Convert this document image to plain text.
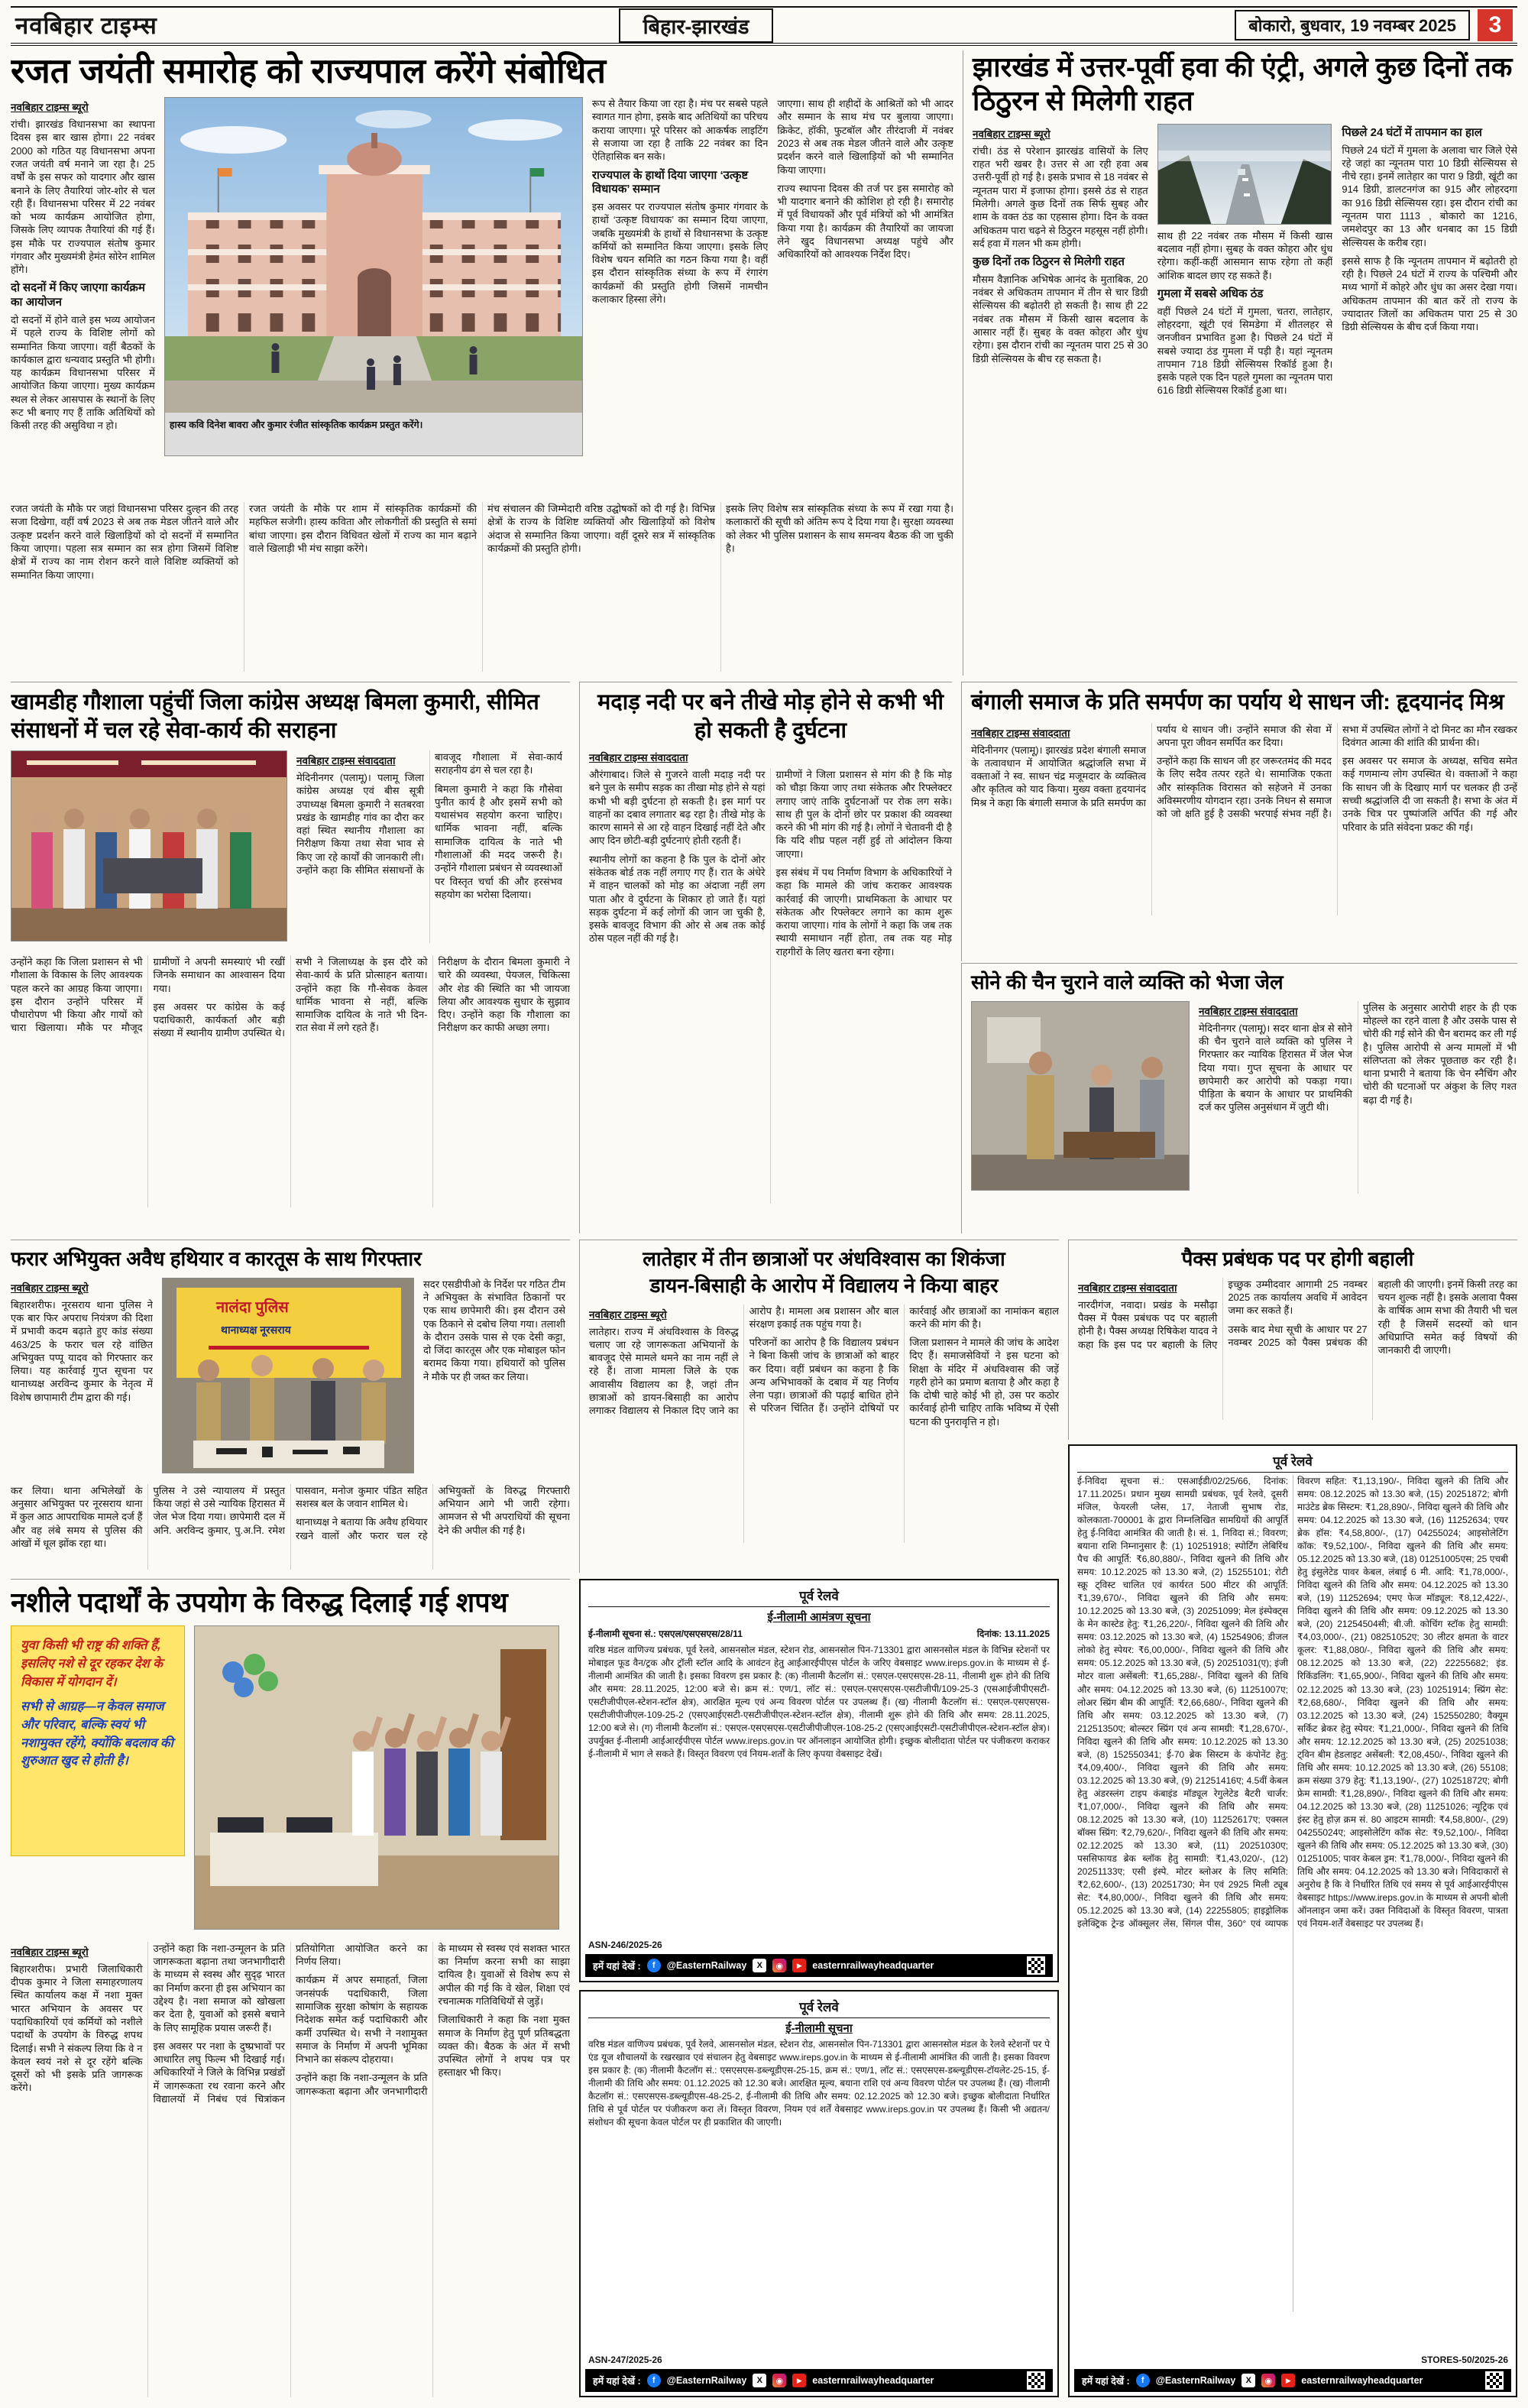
नवबिहार टाइम्स	बिहार-झारखंड	बोकारो, बुधवार, 19 नवम्बर 2025	3
रजत जयंती समारोह को राज्यपाल करेंगे संबोधित
नवबिहार टाइम्स ब्यूरो

रांची। झारखंड विधानसभा का स्थापना दिवस इस बार खास होगा। 22 नवंबर 2000 को गठित यह विधानसभा अपना रजत जयंती वर्ष मनाने जा रहा है। 25 वर्षों के इस सफर को यादगार और खास बनाने के लिए तैयारियां जोर-शोर से चल रही हैं। विधानसभा परिसर में 22 नवंबर को भव्य कार्यक्रम आयोजित होगा, जिसके लिए व्यापक तैयारियां की गई हैं। इस मौके पर राज्यपाल संतोष कुमार गंगवार और मुख्यमंत्री हेमंत सोरेन शामिल होंगे।

दो सदनों में किए जाएगा कार्यक्रम का आयोजन

दो सदनों में होने वाले इस भव्य आयोजन में पहले राज्य के विशिष्ट लोगों को सम्मानित किया जाएगा। वहीं बैठकों के कार्यकाल द्वारा धन्यवाद प्रस्तुति भी होगी। यह कार्यक्रम विधानसभा परिसर में आयोजित किया जाएगा। मुख्य कार्यक्रम स्थल से लेकर आसपास के स्थानों के लिए रूट भी बनाए गए हैं ताकि अतिथियों को किसी तरह की असुविधा न हो।	हास्य कवि दिनेश बावरा और कुमार रंजीत सांस्कृतिक कार्यक्रम प्रस्तुत करेंगे।

रूप से तैयार किया जा रहा है। मंच पर सबसे पहले स्वागत गान होगा, इसके बाद अतिथियों का परिचय कराया जाएगा। पूरे परिसर को आकर्षक लाइटिंग से सजाया जा रहा है ताकि 22 नवंबर का दिन ऐतिहासिक बन सके।

राज्यपाल के हाथों दिया जाएगा ‘उत्कृष्ट विधायक’ सम्मान

इस अवसर पर राज्यपाल संतोष कुमार गंगवार के हाथों ‘उत्कृष्ट विधायक’ का सम्मान दिया जाएगा, जबकि मुख्यमंत्री के हाथों से विधानसभा के उत्कृष्ट कर्मियों को सम्मानित किया जाएगा। इसके लिए विशेष चयन समिति का गठन किया गया है। वहीं इस दौरान सांस्कृतिक संध्या के रूप में रंगारंग कार्यक्रमों की प्रस्तुति होगी जिसमें नामचीन कलाकार हिस्सा लेंगे।

जाएगा। साथ ही शहीदों के आश्रितों को भी आदर और सम्मान के साथ मंच पर बुलाया जाएगा। क्रिकेट, हॉकी, फुटबॉल और तीरंदाजी में नवंबर 2023 से अब तक मेडल जीतने वाले और उत्कृष्ट प्रदर्शन करने वाले खिलाड़ियों को भी सम्मानित किया जाएगा।

राज्य स्थापना दिवस की तर्ज पर इस समारोह को भी यादगार बनाने की कोशिश हो रही है। समारोह में पूर्व विधायकों और पूर्व मंत्रियों को भी आमंत्रित किया गया है। कार्यक्रम की तैयारियों का जायजा लेने खुद विधानसभा अध्यक्ष पहुंचे और अधिकारियों को आवश्यक निर्देश दिए।

रजत जयंती के मौके पर जहां विधानसभा परिसर दुल्हन की तरह सजा दिखेगा, वहीं वर्ष 2023 से अब तक मेडल जीतने वाले और उत्कृष्ट प्रदर्शन करने वाले खिलाड़ियों को दो सदनों में सम्मानित किया जाएगा। पहला सत्र सम्मान का सत्र होगा जिसमें विशिष्ट क्षेत्रों में राज्य का नाम रोशन करने वाले विशिष्ट व्यक्तियों को सम्मानित किया जाएगा।

रजत जयंती के मौके पर शाम में सांस्कृतिक कार्यक्रमों की महफिल सजेगी। हास्य कविता और लोकगीतों की प्रस्तुति से समां बांधा जाएगा। इस दौरान विधिवत खेलों में राज्य का मान बढ़ाने वाले खिलाड़ी भी मंच साझा करेंगे।

मंच संचालन की जिम्मेदारी वरिष्ठ उद्घोषकों को दी गई है। विभिन्न क्षेत्रों के राज्य के विशिष्ट व्यक्तियों और खिलाड़ियों को विशेष अंदाज से सम्मानित किया जाएगा। वहीं दूसरे सत्र में सांस्कृतिक कार्यक्रमों की प्रस्तुति होगी।

इसके लिए विशेष सत्र सांस्कृतिक संध्या के रूप में रखा गया है। कलाकारों की सूची को अंतिम रूप दे दिया गया है। सुरक्षा व्यवस्था को लेकर भी पुलिस प्रशासन के साथ समन्वय बैठक की जा चुकी है।

झारखंड में उत्तर-पूर्वी हवा की एंट्री, अगले कुछ दिनों तक ठिठुरन से मिलेगी राहत
नवबिहार टाइम्स ब्यूरो

रांची। ठंड से परेशान झारखंड वासियों के लिए राहत भरी खबर है। उत्तर से आ रही हवा अब उत्तरी-पूर्वी हो गई है। इसके प्रभाव से 18 नवंबर से न्यूनतम पारा में इजाफा होगा। इससे ठंड से राहत मिलेगी। अगले कुछ दिनों तक सिर्फ सुबह और शाम के वक्त ठंड का एहसास होगा। दिन के वक्त अधिकतम पारा चढ़ने से ठिठुरन महसूस नहीं होगी। सर्द हवा में गलन भी कम होगी।

कुछ दिनों तक ठिठुरन से मिलेगी राहत

मौसम वैज्ञानिक अभिषेक आनंद के मुताबिक, 20 नवंबर से अधिकतम तापमान में तीन से चार डिग्री सेल्सियस की बढ़ोतरी हो सकती है। साथ ही 22 नवंबर तक मौसम में किसी खास बदलाव के आसार नहीं हैं। सुबह के वक्त कोहरा और धुंध रहेगा। इस दौरान रांची का न्यूनतम पारा 25 से 30 डिग्री सेल्सियस के बीच रह सकता है।

साथ ही 22 नवंबर तक मौसम में किसी खास बदलाव नहीं होगा। सुबह के वक्त कोहरा और धुंध रहेगा। कहीं-कहीं आसमान साफ रहेगा तो कहीं आंशिक बादल छाए रह सकते हैं।

गुमला में सबसे अधिक ठंड

वहीं पिछले 24 घंटों में गुमला, चतरा, लातेहार, लोहरदगा, खूंटी एवं सिमडेगा में शीतलहर से जनजीवन प्रभावित हुआ है। पिछले 24 घंटों में सबसे ज्यादा ठंड गुमला में पड़ी है। यहां न्यूनतम तापमान 718 डिग्री सेल्सियस रिकॉर्ड हुआ है। इसके पहले एक दिन पहले गुमला का न्यूनतम पारा 616 डिग्री सेल्सियस रिकॉर्ड हुआ था।

पिछले 24 घंटों में तापमान का हाल

पिछले 24 घंटों में गुमला के अलावा चार जिले ऐसे रहे जहां का न्यूनतम पारा 10 डिग्री सेल्सियस से नीचे रहा। इनमें लातेहार का पारा 9 डिग्री, खूंटी का 914 डिग्री, डालटनगंज का 915 और लोहरदगा का 916 डिग्री सेल्सियस रहा। इस दौरान रांची का न्यूनतम पारा 1113 , बोकारो का 1216, जमशेदपुर का 13 और धनबाद का 15 डिग्री सेल्सियस के करीब रहा।

इससे साफ है कि न्यूनतम तापमान में बढ़ोतरी हो रही है। पिछले 24 घंटों में राज्य के पश्चिमी और मध्य भागों में कोहरे और धुंध का असर देखा गया। अधिकतम तापमान की बात करें तो राज्य के ज्यादातर जिलों का अधिकतम पारा 25 से 30 डिग्री सेल्सियस के बीच दर्ज किया गया।

खामडीह गौशाला पहुंचीं जिला कांग्रेस अध्यक्ष बिमला कुमारी, सीमित संसाधनों में चल रहे सेवा-कार्य की सराहना
नवबिहार टाइम्स संवाददाता

मेदिनीनगर (पलामू)। पलामू जिला कांग्रेस अध्यक्ष एवं बीस सूत्री उपाध्यक्ष बिमला कुमारी ने सतबरवा प्रखंड के खामडीह गांव का दौरा कर वहां स्थित स्थानीय गौशाला का निरीक्षण किया तथा सेवा भाव से किए जा रहे कार्यों की जानकारी ली। उन्होंने कहा कि सीमित संसाधनों के बावजूद गौशाला में सेवा-कार्य सराहनीय ढंग से चल रहा है।

बिमला कुमारी ने कहा कि गौसेवा पुनीत कार्य है और इसमें सभी को यथासंभव सहयोग करना चाहिए। धार्मिक भावना नहीं, बल्कि सामाजिक दायित्व के नाते भी गौशालाओं की मदद जरूरी है। उन्होंने गौशाला प्रबंधन से व्यवस्थाओं पर विस्तृत चर्चा की और हरसंभव सहयोग का भरोसा दिलाया।

उन्होंने कहा कि जिला प्रशासन से भी गौशाला के विकास के लिए आवश्यक पहल करने का आग्रह किया जाएगा। इस दौरान उन्होंने परिसर में पौधारोपण भी किया और गायों को चारा खिलाया। मौके पर मौजूद ग्रामीणों ने अपनी समस्याएं भी रखीं जिनके समाधान का आश्वासन दिया गया।

इस अवसर पर कांग्रेस के कई पदाधिकारी, कार्यकर्ता और बड़ी संख्या में स्थानीय ग्रामीण उपस्थित थे। सभी ने जिलाध्यक्ष के इस दौरे को सेवा-कार्य के प्रति प्रोत्साहन बताया। उन्होंने कहा कि गौ-सेवक केवल धार्मिक भावना से नहीं, बल्कि सामाजिक दायित्व के नाते भी दिन-रात सेवा में लगे रहते हैं।

निरीक्षण के दौरान बिमला कुमारी ने चारे की व्यवस्था, पेयजल, चिकित्सा और शेड की स्थिति का भी जायजा लिया और आवश्यक सुधार के सुझाव दिए। उन्होंने कहा कि गौशाला का निरीक्षण कर काफी अच्छा लगा।

मदाड़ नदी पर बने तीखे मोड़ होने से कभी भी हो सकती है दुर्घटना
नवबिहार टाइम्स संवाददाता

औरंगाबाद। जिले से गुजरने वाली मदाड़ नदी पर बने पुल के समीप सड़क का तीखा मोड़ होने से यहां कभी भी बड़ी दुर्घटना हो सकती है। इस मार्ग पर वाहनों का दबाव लगातार बढ़ रहा है। तीखे मोड़ के कारण सामने से आ रहे वाहन दिखाई नहीं देते और आए दिन छोटी-बड़ी दुर्घटनाएं होती रहती हैं।

स्थानीय लोगों का कहना है कि पुल के दोनों ओर संकेतक बोर्ड तक नहीं लगाए गए हैं। रात के अंधेरे में वाहन चालकों को मोड़ का अंदाजा नहीं लग पाता और वे दुर्घटना के शिकार हो जाते हैं। यहां सड़क दुर्घटना में कई लोगों की जान जा चुकी है, इसके बावजूद विभाग की ओर से अब तक कोई ठोस पहल नहीं की गई है।

ग्रामीणों ने जिला प्रशासन से मांग की है कि मोड़ को चौड़ा किया जाए तथा संकेतक और रिफ्लेक्टर लगाए जाएं ताकि दुर्घटनाओं पर रोक लग सके। साथ ही पुल के दोनों छोर पर प्रकाश की व्यवस्था करने की भी मांग की गई है। लोगों ने चेतावनी दी है कि यदि शीघ्र पहल नहीं हुई तो आंदोलन किया जाएगा।

इस संबंध में पथ निर्माण विभाग के अधिकारियों ने कहा कि मामले की जांच कराकर आवश्यक कार्रवाई की जाएगी। प्राथमिकता के आधार पर संकेतक और रिफ्लेक्टर लगाने का काम शुरू कराया जाएगा। गांव के लोगों ने कहा कि जब तक स्थायी समाधान नहीं होता, तब तक यह मोड़ राहगीरों के लिए खतरा बना रहेगा।

बंगाली समाज के प्रति समर्पण का पर्याय थे साधन जी: हृदयानंद मिश्र
नवबिहार टाइम्स संवाददाता

मेदिनीनगर (पलामू)। झारखंड प्रदेश बंगाली समाज के तत्वावधान में आयोजित श्रद्धांजलि सभा में वक्ताओं ने स्व. साधन चंद्र मजूमदार के व्यक्तित्व और कृतित्व को याद किया। मुख्य वक्ता हृदयानंद मिश्र ने कहा कि बंगाली समाज के प्रति समर्पण का पर्याय थे साधन जी। उन्होंने समाज की सेवा में अपना पूरा जीवन समर्पित कर दिया।

उन्होंने कहा कि साधन जी हर जरूरतमंद की मदद के लिए सदैव तत्पर रहते थे। सामाजिक एकता और सांस्कृतिक विरासत को सहेजने में उनका अविस्मरणीय योगदान रहा। उनके निधन से समाज को जो क्षति हुई है उसकी भरपाई संभव नहीं है। सभा में उपस्थित लोगों ने दो मिनट का मौन रखकर दिवंगत आत्मा की शांति की प्रार्थना की।

इस अवसर पर समाज के अध्यक्ष, सचिव समेत कई गणमान्य लोग उपस्थित थे। वक्ताओं ने कहा कि साधन जी के दिखाए मार्ग पर चलकर ही उन्हें सच्ची श्रद्धांजलि दी जा सकती है। सभा के अंत में उनके चित्र पर पुष्पांजलि अर्पित की गई और परिवार के प्रति संवेदना प्रकट की गई।

सोने की चैन चुराने वाले व्यक्ति को भेजा जेल
नवबिहार टाइम्स संवाददाता

मेदिनीनगर (पलामू)। सदर थाना क्षेत्र से सोने की चैन चुराने वाले व्यक्ति को पुलिस ने गिरफ्तार कर न्यायिक हिरासत में जेल भेज दिया गया। गुप्त सूचना के आधार पर छापेमारी कर आरोपी को पकड़ा गया। पीड़िता के बयान के आधार पर प्राथमिकी दर्ज कर पुलिस अनुसंधान में जुटी थी।

पुलिस के अनुसार आरोपी शहर के ही एक मोहल्ले का रहने वाला है और उसके पास से चोरी की गई सोने की चैन बरामद कर ली गई है। पुलिस आरोपी से अन्य मामलों में भी संलिप्तता को लेकर पूछताछ कर रही है। थाना प्रभारी ने बताया कि चेन स्नैचिंग और चोरी की घटनाओं पर अंकुश के लिए गश्त बढ़ा दी गई है।

फरार अभियुक्त अवैध हथियार व कारतूस के साथ गिरफ्तार
नवबिहार टाइम्स ब्यूरो

बिहारशरीफ। नूरसराय थाना पुलिस ने एक बार फिर अपराध नियंत्रण की दिशा में प्रभावी कदम बढ़ाते हुए कांड संख्या 463/25 के फरार चल रहे वांछित अभियुक्त पप्पू यादव को गिरफ्तार कर लिया। यह कार्रवाई गुप्त सूचना पर थानाध्यक्ष अरविन्द कुमार के नेतृत्व में विशेष छापामारी टीम द्वारा की गई।

नालंदा पुलिस
थानाध्यक्ष नूरसराय

सदर एसडीपीओ के निर्देश पर गठित टीम ने अभियुक्त के संभावित ठिकानों पर एक साथ छापेमारी की। इस दौरान उसे एक ठिकाने से दबोच लिया गया। तलाशी के दौरान उसके पास से एक देसी कट्टा, दो जिंदा कारतूस और एक मोबाइल फोन बरामद किया गया। हथियारों को पुलिस ने मौके पर ही जब्त कर लिया।

कर लिया। थाना अभिलेखों के अनुसार अभियुक्त पर नूरसराय थाना में कुल आठ आपराधिक मामले दर्ज हैं और वह लंबे समय से पुलिस की आंखों में धूल झोंक रहा था।

पुलिस ने उसे न्यायालय में प्रस्तुत किया जहां से उसे न्यायिक हिरासत में जेल भेज दिया गया। छापेमारी दल में अनि. अरविन्द कुमार, पु.अ.नि. रमेश पासवान, मनोज कुमार पंडित सहित सशस्त्र बल के जवान शामिल थे।

थानाध्यक्ष ने बताया कि अवैध हथियार रखने वालों और फरार चल रहे अभियुक्तों के विरुद्ध गिरफ्तारी अभियान आगे भी जारी रहेगा। आमजन से भी अपराधियों की सूचना देने की अपील की गई है।

लातेहार में तीन छात्राओं पर अंधविश्वास का शिकंजा
डायन-बिसाही के आरोप में विद्यालय ने किया बाहर
नवबिहार टाइम्स ब्यूरो

लातेहार। राज्य में अंधविश्वास के विरुद्ध चलाए जा रहे जागरूकता अभियानों के बावजूद ऐसे मामले थमने का नाम नहीं ले रहे हैं। ताजा मामला जिले के एक आवासीय विद्यालय का है, जहां तीन छात्राओं को डायन-बिसाही का आरोप लगाकर विद्यालय से निकाल दिए जाने का आरोप है। मामला अब प्रशासन और बाल संरक्षण इकाई तक पहुंच गया है।

परिजनों का आरोप है कि विद्यालय प्रबंधन ने बिना किसी जांच के छात्राओं को बाहर कर दिया। वहीं प्रबंधन का कहना है कि अन्य अभिभावकों के दबाव में यह निर्णय लेना पड़ा। छात्राओं की पढ़ाई बाधित होने से परिजन चिंतित हैं। उन्होंने दोषियों पर कार्रवाई और छात्राओं का नामांकन बहाल करने की मांग की है।

जिला प्रशासन ने मामले की जांच के आदेश दिए हैं। समाजसेवियों ने इस घटना को शिक्षा के मंदिर में अंधविश्वास की जड़ें गहरी होने का प्रमाण बताया है और कहा है कि दोषी चाहे कोई भी हो, उस पर कठोर कार्रवाई होनी चाहिए ताकि भविष्य में ऐसी घटना की पुनरावृत्ति न हो।

पैक्स प्रबंधक पद पर होगी बहाली
नवबिहार टाइम्स संवाददाता

नारदीगंज, नवादा। प्रखंड के मसौढ़ा पैक्स में पैक्स प्रबंधक पद पर बहाली होनी है। पैक्स अध्यक्ष रिषिकेश यादव ने कहा कि इस पद पर बहाली के लिए इच्छुक उम्मीदवार आगामी 25 नवम्बर 2025 तक कार्यालय अवधि में आवेदन जमा कर सकते हैं।

उसके बाद मेधा सूची के आधार पर 27 नवम्बर 2025 को पैक्स प्रबंधक की बहाली की जाएगी। इनमें किसी तरह का चयन शुल्क नहीं है। इसके अलावा पैक्स के वार्षिक आम सभा की तैयारी भी चल रही है जिसमें सदस्यों को धान अधिप्राप्ति समेत कई विषयों की जानकारी दी जाएगी।

पूर्व रेलवे
ई-निविदा सूचना सं.: एसआईडी/02/25/66, दिनांक: 17.11.2025। प्रधान मुख्य सामग्री प्रबंधक, पूर्व रेलवे, दूसरी मंजिल, फेयरली प्लेस, 17, नेताजी सुभाष रोड, कोलकाता-700001 के द्वारा निम्नलिखित सामग्रियों की आपूर्ति हेतु ई-निविदा आमंत्रित की जाती है। सं. 1, निविदा सं.; विवरण; बयाना राशि निम्नानुसार है: (1) 10251918; स्पोर्टिंग लेबिरिंथ पैच की आपूर्ति: ₹6,80,880/-, निविदा खुलने की तिथि और समय: 10.12.2025 को 13.30 बजे, (2) 15255101; रोटी स्क्रू ट्विस्ट चालित एवं कार्यरत 500 मीटर की आपूर्ति: ₹1,39,670/-, निविदा खुलने की तिथि और समय: 10.12.2025 को 13.30 बजे, (3) 20251099; मेल इंस्पेक्ट्स के मेन कास्टेड हेतु: ₹1,26,220/-, निविदा खुलने की तिथि और समय: 03.12.2025 को 13.30 बजे, (4) 15254906; डीजल लोको हेतु स्पेयर: ₹6,00,000/-, निविदा खुलने की तिथि और समय: 05.12.2025 को 13.30 बजे, (5) 20251031(ए); इंजी मोटर वाला असेंबली: ₹1,65,288/-, निविदा खुलने की तिथि और समय: 04.12.2025 को 13.30 बजे, (6) 11251007ए; लोअर स्प्रिंग बीम की आपूर्ति: ₹2,66,680/-, निविदा खुलने की तिथि और समय: 03.12.2025 को 13.30 बजे, (7) 21251350ए; बोल्स्टर स्प्रिंग एवं अन्य सामग्री: ₹1,28,670/-, निविदा खुलने की तिथि और समय: 10.12.2025 को 13.30 बजे, (8) 152550341; ई-70 ब्रेक सिस्टम के कंपोनेंट हेतु: ₹4,09,400/-, निविदा खुलने की तिथि और समय: 03.12.2025 को 13.30 बजे, (9) 21251416ए; 4.5वीं केबल हेतु अंडरस्लंग टाइप कंबाइंड मॉड्यूल रेगुलेटेड बैटरी चार्जर: ₹1,07,000/-, निविदा खुलने की तिथि और समय: 08.12.2025 को 13.30 बजे, (10) 11252617ए; एक्सल बॉक्स स्प्रिंग: ₹2,79,620/-, निविदा खुलने की तिथि और समय: 02.12.2025 को 13.30 बजे, (11) 20251030ए; पससिफायड ब्रेक ब्लॉक हेतु सामग्री: ₹1,43,020/-, (12) 20251133ए; एसी इंस्पे. मोटर ब्लोअर के लिए समिति: ₹2,62,600/-, (13) 20251730; मेन एवं 2925 मिली ट्यूब सेट: ₹4,80,000/-, निविदा खुलने की तिथि और समय: 05.12.2025 को 13.30 बजे, (14) 22255805; हाइड्रोलिक इलेक्ट्रिक ट्रेन्ड ऑक्सूलर लेंस, सिंगल पीस, 360° एवं व्यापक विवरण सहित: ₹1,13,190/-, निविदा खुलने की तिथि और समय: 08.12.2025 को 13.30 बजे, (15) 20251872; बोगी माउंटेड ब्रेक सिस्टम: ₹1,28,890/-, निविदा खुलने की तिथि और समय: 04.12.2025 को 13.30 बजे, (16) 11252634; एयर ब्रेक हॉस: ₹4,58,800/-, (17) 04255024; आइसोलेटिंग कॉक: ₹9,52,100/-, निविदा खुलने की तिथि और समय: 05.12.2025 को 13.30 बजे, (18) 01251005एस; 25 एचबी हेतु इंसुलेटेड पावर केबल, लंबाई 6 मी. आदि: ₹1,78,000/-, निविदा खुलने की तिथि और समय: 04.12.2025 को 13.30 बजे, (19) 11252694; एमए फेज मॉड्यूल: ₹8,12,422/-, निविदा खुलने की तिथि और समय: 09.12.2025 को 13.30 बजे, (20) 21254504सी; बी.जी. कोचिंग स्टॉक हेतु सामग्री: ₹4,03,000/-, (21) 08251052ए; 30 लीटर क्षमता के वाटर कूलर: ₹1,88,080/-, निविदा खुलने की तिथि और समय: 08.12.2025 को 13.30 बजे, (22) 22255682; इंड. रिकिंडलिंग: ₹1,65,900/-, निविदा खुलने की तिथि और समय: 02.12.2025 को 13.30 बजे, (23) 10251914; स्प्रिंग सेट: ₹2,68,680/-, निविदा खुलने की तिथि और समय: 03.12.2025 को 13.30 बजे, (24) 152550280; वैक्यूम सर्किट ब्रेकर हेतु स्पेयर: ₹1,21,000/-, निविदा खुलने की तिथि और समय: 12.12.2025 को 13.30 बजे, (25) 20251038; ट्विन बीम हेडलाइट असेंबली: ₹2,08,450/-, निविदा खुलने की तिथि और समय: 10.12.2025 को 13.30 बजे, (26) 55108; क्रम संख्या 379 हेतु: ₹1,13,190/-, (27) 10251872ए; बोगी फ्रेम सामग्री: ₹1,28,890/-, निविदा खुलने की तिथि और समय: 04.12.2025 को 13.30 बजे, (28) 11251026; न्यूट्रिक एवं इंस्ट हेतु होज़ क्रम सं. 80 आइटम सामग्री: ₹4,58,800/-, (29) 04255024ए; आइसोलेटिंग कॉक सेट: ₹9,52,100/-, निविदा खुलने की तिथि और समय: 05.12.2025 को 13.30 बजे, (30) 01251005; पावर केबल ड्रम: ₹1,78,000/-, निविदा खुलने की तिथि और समय: 04.12.2025 को 13.30 बजे। निविदाकारों से अनुरोध है कि वे निर्धारित तिथि एवं समय से पूर्व आईआरईपीएस वेबसाइट https://www.ireps.gov.in के माध्यम से अपनी बोली ऑनलाइन जमा करें। उक्त निविदाओं के विस्तृत विवरण, पात्रता एवं नियम-शर्तें वेबसाइट पर उपलब्ध हैं।
STORES-50/2025-26
हमें यहां देखें :	f	@EasternRailway	X	◉	▶	easternrailwayheadquarter
नशीले पदार्थों के उपयोग के विरुद्ध दिलाई गई शपथ
युवा किसी भी राष्ट्र की शक्ति हैं, इसलिए नशे से दूर रहकर देश के विकास में योगदान दें।
सभी से आग्रह—न केवल समाज और परिवार, बल्कि स्वयं भी नशामुक्त रहेंगे, क्योंकि बदलाव की शुरुआत खुद से होती है।
नवबिहार टाइम्स ब्यूरो

बिहारशरीफ। प्रभारी जिलाधिकारी दीपक कुमार ने जिला समाहरणालय स्थित कार्यालय कक्ष में नशा मुक्त भारत अभियान के अवसर पर पदाधिकारियों एवं कर्मियों को नशीले पदार्थों के उपयोग के विरुद्ध शपथ दिलाई। सभी ने संकल्प लिया कि वे न केवल स्वयं नशे से दूर रहेंगे बल्कि दूसरों को भी इसके प्रति जागरूक करेंगे।

उन्होंने कहा कि नशा-उन्मूलन के प्रति जागरूकता बढ़ाना तथा जनभागीदारी के माध्यम से स्वस्थ और सुदृढ़ भारत का निर्माण करना ही इस अभियान का उद्देश्य है। नशा समाज को खोखला कर देता है, युवाओं को इससे बचाने के लिए सामूहिक प्रयास जरूरी हैं।

इस अवसर पर नशा के दुष्प्रभावों पर आधारित लघु फिल्म भी दिखाई गई। अधिकारियों ने जिले के विभिन्न प्रखंडों में जागरूकता रथ रवाना करने और विद्यालयों में निबंध एवं चित्रांकन प्रतियोगिता आयोजित करने का निर्णय लिया।

कार्यक्रम में अपर समाहर्ता, जिला जनसंपर्क पदाधिकारी, जिला सामाजिक सुरक्षा कोषांग के सहायक निदेशक समेत कई पदाधिकारी और कर्मी उपस्थित थे। सभी ने नशामुक्त समाज के निर्माण में अपनी भूमिका निभाने का संकल्प दोहराया।

उन्होंने कहा कि नशा-उन्मूलन के प्रति जागरूकता बढ़ाना और जनभागीदारी के माध्यम से स्वस्थ एवं सशक्त भारत का निर्माण करना सभी का साझा दायित्व है। युवाओं से विशेष रूप से अपील की गई कि वे खेल, शिक्षा एवं रचनात्मक गतिविधियों से जुड़ें।

जिलाधिकारी ने कहा कि नशा मुक्त समाज के निर्माण हेतु पूर्ण प्रतिबद्धता व्यक्त की। बैठक के अंत में सभी उपस्थित लोगों ने शपथ पत्र पर हस्ताक्षर भी किए।

पूर्व रेलवे
ई-नीलामी आमंत्रण सूचना
ई-नीलामी सूचना सं.: एसएल/एसएसएस/28/11	दिनांक: 13.11.2025
वरिष्ठ मंडल वाणिज्य प्रबंधक, पूर्व रेलवे, आसनसोल मंडल, स्टेशन रोड, आसनसोल पिन-713301 द्वारा आसनसोल मंडल के विभिन्न स्टेशनों पर मोबाइल फूड वैन/ट्रक और ट्रॉली स्टॉल आदि के आवंटन हेतु आईआरईपीएस पोर्टल के जरिए वेबसाइट www.ireps.gov.in के माध्यम से ई-नीलामी आमंत्रित की जाती है। इसका विवरण इस प्रकार है: (क) नीलामी कैटलॉग सं.: एसएल-एसएसएस-28-11, नीलामी शुरू होने की तिथि और समय: 28.11.2025, 12:00 बजे से। क्रम सं.: एण/1, लॉट सं.: एसएल-एसएसएस-एसटीजीपी/109-25-3 (एसआईजीपीएसटी-एसटीजीपीएल-स्टेशन-स्टॉल क्षेत्र), आरक्षित मूल्य एवं अन्य विवरण पोर्टल पर उपलब्ध हैं। (ख) नीलामी कैटलॉग सं.: एसएल-एसएसएस-एसटीजीपीजीएल-109-25-2 (एसएआईएसटी-एसटीजीपीएल-स्टेशन-स्टॉल क्षेत्र), नीलामी शुरू होने की तिथि और समय: 28.11.2025, 12:00 बजे से। (ग) नीलामी कैटलॉग सं.: एसएल-एसएसएस-एसटीजीपीजीएल-108-25-2 (एसएआईएसटी-एसटीजीपीएल-स्टेशन-स्टॉल क्षेत्र)। उपर्युक्त ई-नीलामी आईआरईपीएस पोर्टल www.ireps.gov.in पर ऑनलाइन आयोजित होगी। इच्छुक बोलीदाता पोर्टल पर पंजीकरण कराकर ई-नीलामी में भाग ले सकते हैं। विस्तृत विवरण एवं नियम-शर्तों के लिए कृपया वेबसाइट देखें।
ASN-246/2025-26
हमें यहां देखें :	f	@EasternRailway	X	◉	▶	easternrailwayheadquarter
पूर्व रेलवे
ई-नीलामी सूचना
वरिष्ठ मंडल वाणिज्य प्रबंधक, पूर्व रेलवे, आसनसोल मंडल, स्टेशन रोड, आसनसोल पिन-713301 द्वारा आसनसोल मंडल के रेलवे स्टेशनों पर पे एंड यूज शौचालयों के रखरखाव एवं संचालन हेतु वेबसाइट www.ireps.gov.in के माध्यम से ई-नीलामी आमंत्रित की जाती है। इसका विवरण इस प्रकार है: (क) नीलामी कैटलॉग सं.: एसएसएस-डब्ल्यूडीएस-25-15, क्रम सं.: एण/1, लॉट सं.: एसएसएस-डब्ल्यूडीएस-टॉयलेट-25-15, ई-नीलामी की तिथि और समय: 01.12.2025 को 12.30 बजे। आरक्षित मूल्य, बयाना राशि एवं अन्य विवरण पोर्टल पर उपलब्ध हैं। (ख) नीलामी कैटलॉग सं.: एसएसएस-डब्ल्यूडीएस-48-25-2, ई-नीलामी की तिथि और समय: 02.12.2025 को 12.30 बजे। इच्छुक बोलीदाता निर्धारित तिथि से पूर्व पोर्टल पर पंजीकरण करा लें। विस्तृत विवरण, नियम एवं शर्तें वेबसाइट www.ireps.gov.in पर उपलब्ध हैं। किसी भी अद्यतन/संशोधन की सूचना केवल पोर्टल पर ही प्रकाशित की जाएगी।
ASN-247/2025-26
हमें यहां देखें :	f	@EasternRailway	X	◉	▶	easternrailwayheadquarter
